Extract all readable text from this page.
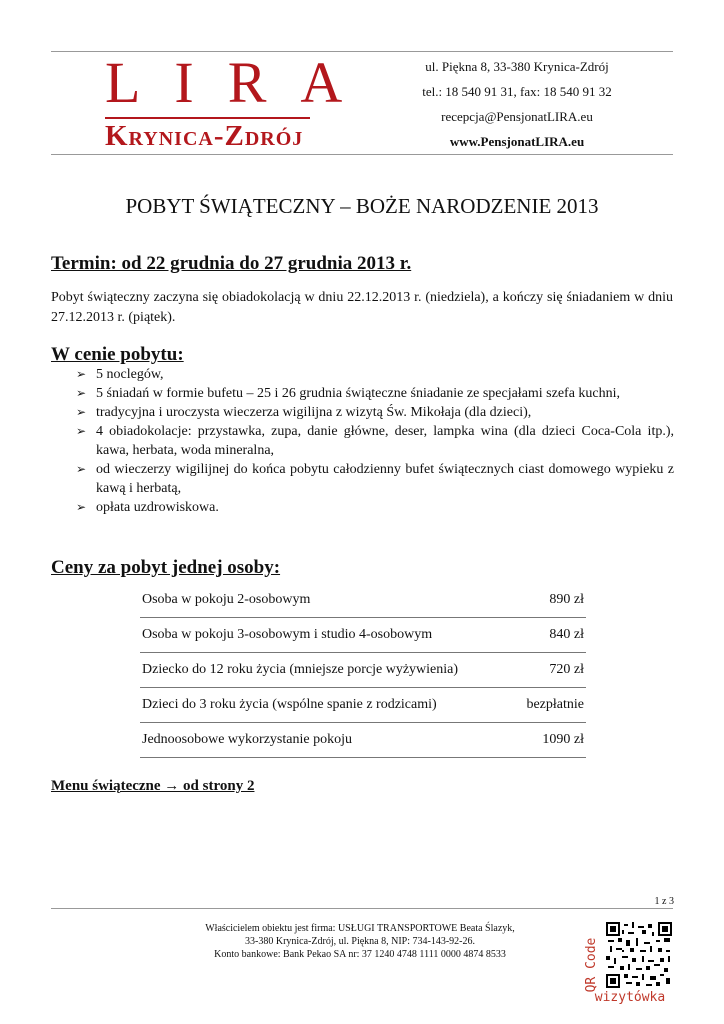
LIRA
Krynica-Zdrój
ul. Piękna 8, 33-380 Krynica-Zdrój
tel.: 18 540 91 31, fax: 18 540 91 32
recepcja@PensjonatLIRA.eu
www.PensjonatLIRA.eu
POBYT ŚWIĄTECZNY – BOŻE NARODZENIE 2013
Termin: od 22 grudnia do 27 grudnia 2013 r.
Pobyt świąteczny zaczyna się obiadokolacją w dniu 22.12.2013 r. (niedziela), a kończy się śniadaniem w dniu 27.12.2013 r. (piątek).
W cenie pobytu:
➢ 5 noclegów,
➢ 5 śniadań w formie bufetu – 25 i 26 grudnia świąteczne śniadanie ze specjałami szefa kuchni,
➢ tradycyjna i uroczysta wieczerza wigilijna z wizytą Św. Mikołaja (dla dzieci),
➢ 4 obiadokolacje: przystawka, zupa, danie główne, deser, lampka wina (dla dzieci Coca-Cola itp.), kawa, herbata, woda mineralna,
➢ od wieczerzy wigilijnej do końca pobytu całodzienny bufet świątecznych ciast domowego wypieku z kawą i herbatą,
➢ opłata uzdrowiskowa.
Ceny za pobyt jednej osoby:
Osoba w pokoju 2-osobowym	890 zł
Osoba w pokoju 3-osobowym i studio 4-osobowym	840 zł
Dziecko do 12 roku życia (mniejsze porcje wyżywienia)	720 zł
Dzieci do 3 roku życia (wspólne spanie z rodzicami)	bezpłatnie
Jednoosobowe wykorzystanie pokoju	1090 zł
Menu świąteczne → od strony 2
1 z 3
Właścicielem obiektu jest firma: USŁUGI TRANSPORTOWE Beata Ślazyk,
33-380 Krynica-Zdrój, ul. Piękna 8, NIP: 734-143-92-26.
Konto bankowe: Bank Pekao SA nr: 37 1240 4748 1111 0000 4874 8533	QR Code
wizytówka
